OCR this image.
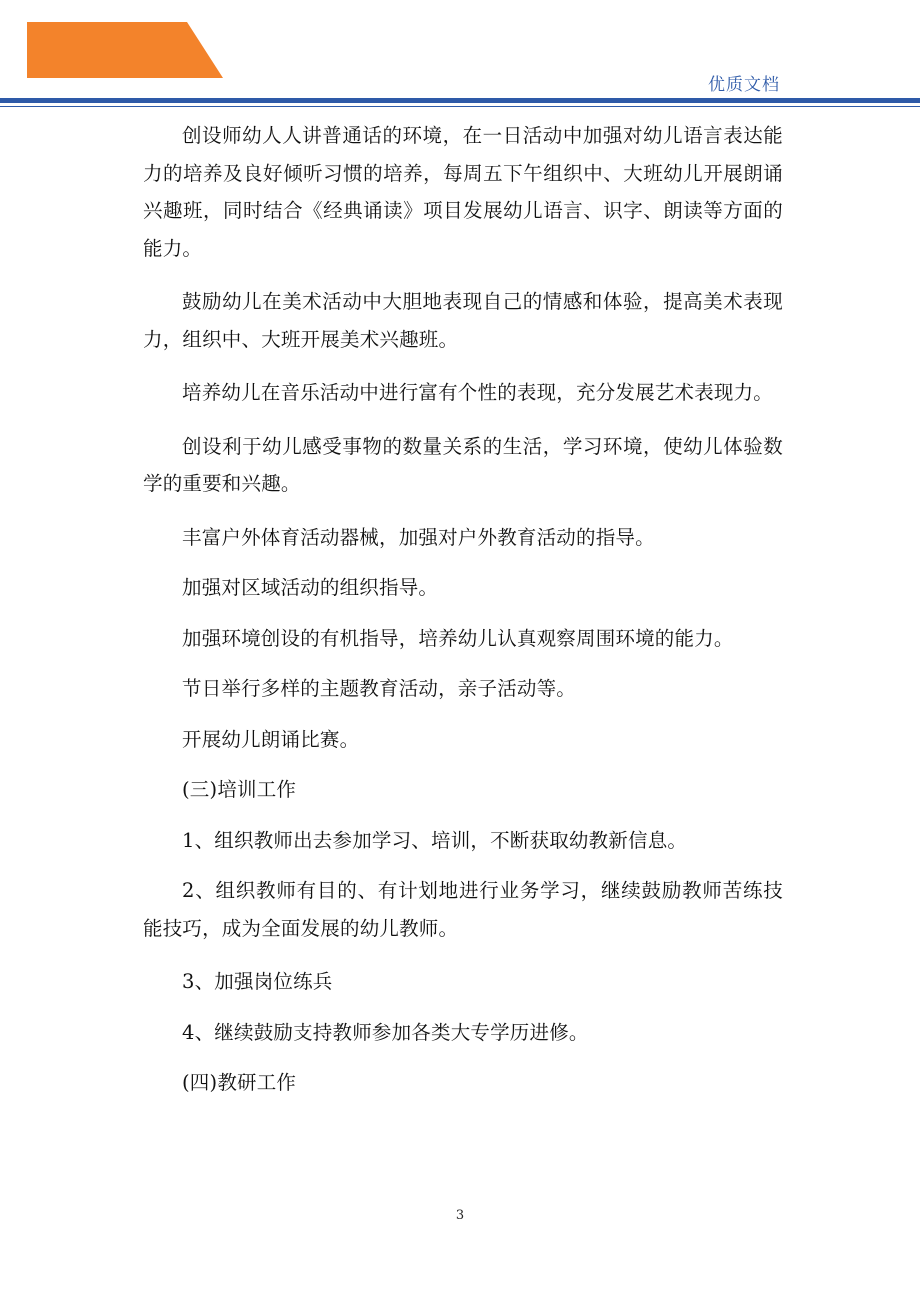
优质文档

创设师幼人人讲普通话的环境，在一日活动中加强对幼儿语言表达能力的培养及良好倾听习惯的培养，每周五下午组织中、大班幼儿开展朗诵兴趣班，同时结合《经典诵读》项目发展幼儿语言、识字、朗读等方面的能力。

鼓励幼儿在美术活动中大胆地表现自己的情感和体验，提高美术表现力，组织中、大班开展美术兴趣班。

培养幼儿在音乐活动中进行富有个性的表现，充分发展艺术表现力。

创设利于幼儿感受事物的数量关系的生活，学习环境，使幼儿体验数学的重要和兴趣。

丰富户外体育活动器械，加强对户外教育活动的指导。

加强对区域活动的组织指导。

加强环境创设的有机指导，培养幼儿认真观察周围环境的能力。

节日举行多样的主题教育活动，亲子活动等。

开展幼儿朗诵比赛。

(三)培训工作

1、组织教师出去参加学习、培训，不断获取幼教新信息。

2、组织教师有目的、有计划地进行业务学习，继续鼓励教师苦练技能技巧，成为全面发展的幼儿教师。

3、加强岗位练兵

4、继续鼓励支持教师参加各类大专学历进修。

(四)教研工作

3
